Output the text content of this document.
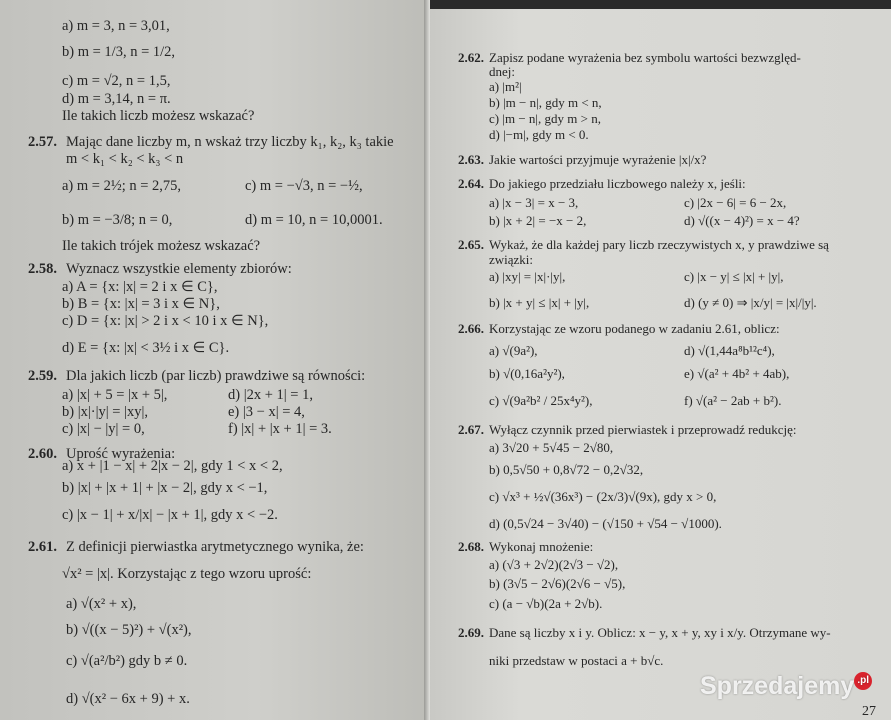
a) m = 3, n = 3,01,
b) m = 1/3, n = 1/2,
c) m = √2, n = 1,5,
d) m = 3,14, n = π.
Ile takich liczb możesz wskazać?
2.57. Mając dane liczby m, n wskaż trzy liczby k₁, k₂, k₃ takie
m < k₁ < k₂ < k₃ < n
a) m = 2½; n = 2,75,	c) m = −√3, n = −½,
b) m = −3/8; n = 0,	d) m = 10, n = 10,0001.
Ile takich trójek możesz wskazać?
2.58. Wyznacz wszystkie elementy zbiorów:
a) A = {x: |x| = 2 i x ∈ C},
b) B = {x: |x| = 3 i x ∈ N},
c) D = {x: |x| > 2 i x < 10 i x ∈ N},
d) E = {x: |x| < 3½ i x ∈ C}.
2.59. Dla jakich liczb (par liczb) prawdziwe są równości:
a) |x| + 5 = |x + 5|,	d) |2x + 1| = 1,
b) |x|·|y| = |xy|,	e) |3 − x| = 4,
c) |x| − |y| = 0,	f) |x| + |x + 1| = 3.
2.60. Uprość wyrażenia:
a) x + |1 − x| + 2|x − 2|, gdy 1 < x < 2,
b) |x| + |x + 1| + |x − 2|, gdy x < −1,
c) |x − 1| + x/|x| − |x + 1|, gdy x < −2.
2.61. Z definicji pierwiastka arytmetycznego wynika, że:
√x² = |x|. Korzystając z tego wzoru uprość:
a) √(x² + x),
b) √((x − 5)²) + √(x²),
c) √(a²/b²) gdy b ≠ 0.
d) √(x² − 6x + 9) + x.
2.62. Zapisz podane wyrażenia bez symbolu wartości bezwzględ-
dnej:
a) |m²|
b) |m − n|, gdy m < n,
c) |m − n|, gdy m > n,
d) |−m|, gdy m < 0.
2.63. Jakie wartości przyjmuje wyrażenie |x|/x?
2.64. Do jakiego przedziału liczbowego należy x, jeśli:
a) |x − 3| = x − 3,	c) |2x − 6| = 6 − 2x,
b) |x + 2| = −x − 2,	d) √((x − 4)²) = x − 4?
2.65. Wykaż, że dla każdej pary liczb rzeczywistych x, y prawdziwe są
związki:
a) |xy| = |x|·|y|,	c) |x − y| ≤ |x| + |y|,
b) |x + y| ≤ |x| + |y|,	d) (y ≠ 0) ⇒ |x/y| = |x|/|y|.
2.66. Korzystając ze wzoru podanego w zadaniu 2.61, oblicz:
a) √(9a²),	d) √(1,44a⁸b¹²c⁴),
b) √(0,16a²y²),	e) √(a² + 4b² + 4ab),
c) √(9a²b² / 25x⁴y²),	f) √(a² − 2ab + b²).
2.67. Wyłącz czynnik przed pierwiastek i przeprowadź redukcję:
a) 3√20 + 5√45 − 2√80,
b) 0,5√50 + 0,8√72 − 0,2√32,
c) √x³ + ½√(36x³) − (2x/3)√(9x), gdy x > 0,
d) (0,5√24 − 3√40) − (√150 + √54 − √1000).
2.68. Wykonaj mnożenie:
a) (√3 + 2√2)(2√3 − √2),
b) (3√5 − 2√6)(2√6 − √5),
c) (a − √b)(2a + 2√b).
2.69. Dane są liczby x i y. Oblicz: x − y, x + y, xy i x/y. Otrzymane wy-
niki przedstaw w postaci a + b√c.
27
Sprzedajemy .pl
